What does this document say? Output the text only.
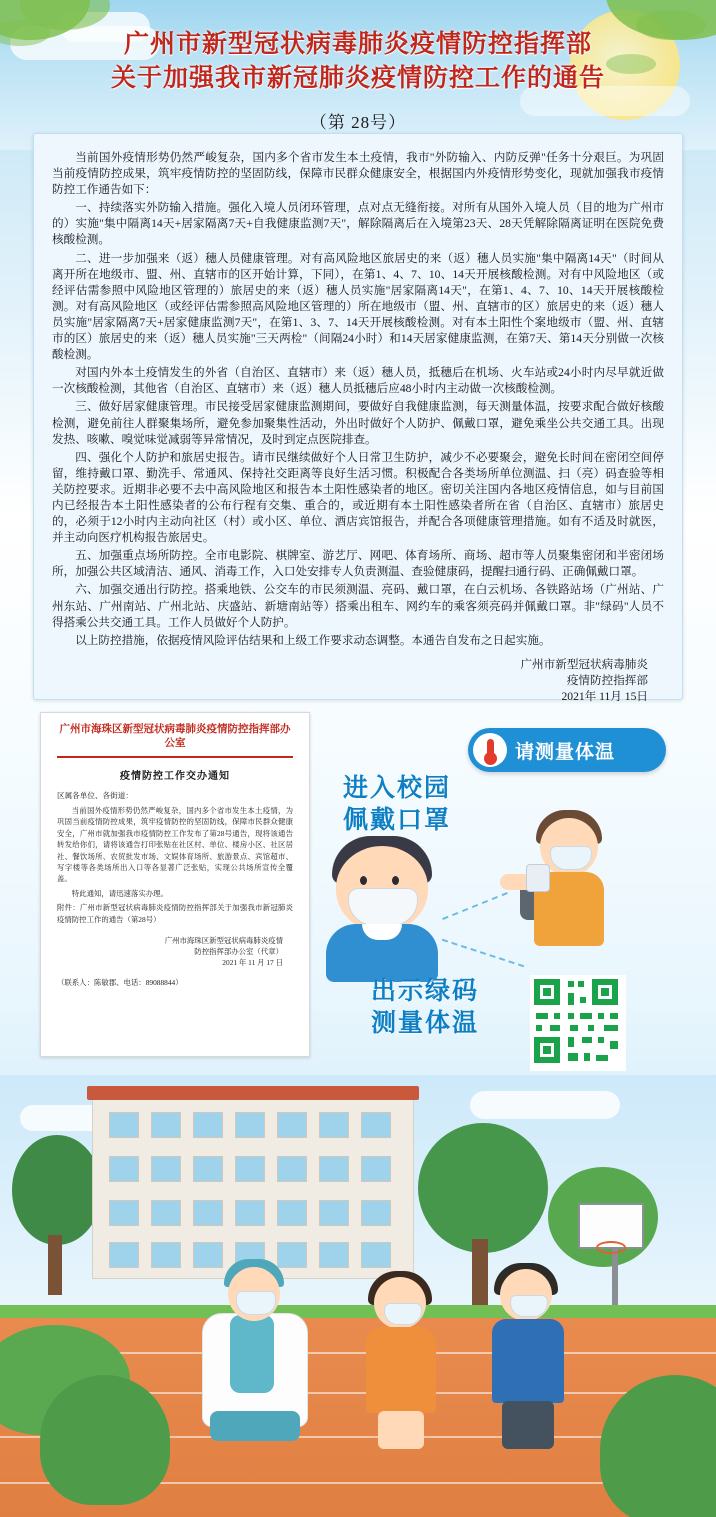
广州市新型冠状病毒肺炎疫情防控指挥部
关于加强我市新冠肺炎疫情防控工作的通告
（第 28号）

当前国外疫情形势仍然严峻复杂，国内多个省市发生本土疫情，我市"外防输入、内防反弹"任务十分艰巨。为巩固当前疫情防控成果，筑牢疫情防控的坚固防线，保障市民群众健康安全，根据国内外疫情形势变化，现就加强我市疫情防控工作通告如下：

一、持续落实外防输入措施。强化入境人员闭环管理，点对点无缝衔接。对所有从国外入境人员（目的地为广州市的）实施"集中隔离14天+居家隔离7天+自我健康监测7天"，解除隔离后在入境第23天、28天凭解除隔离证明在医院免费核酸检测。

二、进一步加强来（返）穗人员健康管理。对有高风险地区旅居史的来（返）穗人员实施"集中隔离14天"（时间从离开所在地级市、盟、州、直辖市的区开始计算，下同），在第1、4、7、10、14天开展核酸检测。对有中风险地区（或经评估需参照中风险地区管理的）旅居史的来（返）穗人员实施"居家隔离14天"，在第1、4、7、10、14天开展核酸检测。对有高风险地区（或经评估需参照高风险地区管理的）所在地级市（盟、州、直辖市的区）旅居史的来（返）穗人员实施"居家隔离7天+居家健康监测7天"，在第1、3、7、14天开展核酸检测。对有本土阳性个案地级市（盟、州、直辖市的区）旅居史的来（返）穗人员实施"三天两检"（间隔24小时）和14天居家健康监测，在第7天、第14天分别做一次核酸检测。

对国内外本土疫情发生的外省（自治区、直辖市）来（返）穗人员，抵穗后在机场、火车站或24小时内尽早就近做一次核酸检测，其他省（自治区、直辖市）来（返）穗人员抵穗后应48小时内主动做一次核酸检测。

三、做好居家健康管理。市民接受居家健康监测期间，要做好自我健康监测，每天测量体温，按要求配合做好核酸检测，避免前往人群聚集场所，避免参加聚集性活动，外出时做好个人防护、佩戴口罩，避免乘坐公共交通工具。出现发热、咳嗽、嗅觉味觉减弱等异常情况，及时到定点医院排查。

四、强化个人防护和旅居史报告。请市民继续做好个人日常卫生防护，减少不必要聚会，避免长时间在密闭空间停留，维持戴口罩、勤洗手、常通风、保持社交距离等良好生活习惯。积极配合各类场所单位测温、扫（亮）码查验等相关防控要求。近期非必要不去中高风险地区和报告本土阳性感染者的地区。密切关注国内各地区疫情信息，如与目前国内已经报告本土阳性感染者的公布行程有交集、重合的，或近期有本土阳性感染者所在省（自治区、直辖市）旅居史的，必须于12小时内主动向社区（村）或小区、单位、酒店宾馆报告，并配合各项健康管理措施。如有不适及时就医，并主动向医疗机构报告旅居史。

五、加强重点场所防控。全市电影院、棋牌室、游艺厅、网吧、体育场所、商场、超市等人员聚集密闭和半密闭场所，加强公共区域清洁、通风、消毒工作，入口处安排专人负责测温、查验健康码，提醒扫通行码、正确佩戴口罩。

六、加强交通出行防控。搭乘地铁、公交车的市民须测温、亮码、戴口罩，在白云机场、各铁路站场（广州站、广州东站、广州南站、广州北站、庆盛站、新塘南站等）搭乘出租车、网约车的乘客须亮码并佩戴口罩。非"绿码"人员不得搭乘公共交通工具。工作人员做好个人防护。

以上防控措施，依据疫情风险评估结果和上级工作要求动态调整。本通告自发布之日起实施。

广州市新型冠状病毒肺炎
疫情防控指挥部
2021年 11月 15日
广州市海珠区新型冠状病毒肺炎疫情防控指挥部办公室
疫情防控工作交办通知
区属各单位、各街道：

当前国外疫情形势仍然严峻复杂，国内多个省市发生本土疫情，为巩固当前疫情防控成果，筑牢疫情防控的坚固防线，保障市民群众健康安全，广州市就加强我市疫情防控工作发布了第28号通告，现将该通告转发给你们，请将该通告打印张贴在社区村、单位、楼房小区、社区居社、餐饮场所、农贸批发市场、文娱体育场所、旅游景点、宾馆超市、写字楼等各类场所出入口等各显著广泛张贴，实现公共场所宣传全覆盖。

特此通知，请迅速落实办理。

附件：广州市新型冠状病毒肺炎疫情防控指挥部关于加强我市新冠肺炎疫情防控工作的通告（第28号）

广州市海珠区新型冠状病毒肺炎疫情
防控指挥部办公室（代章）
2021 年 11 月 17 日
（联系人：陈敏郡、电话：89088844）
请测量体温
进入校园
佩戴口罩
出示绿码
测量体温
